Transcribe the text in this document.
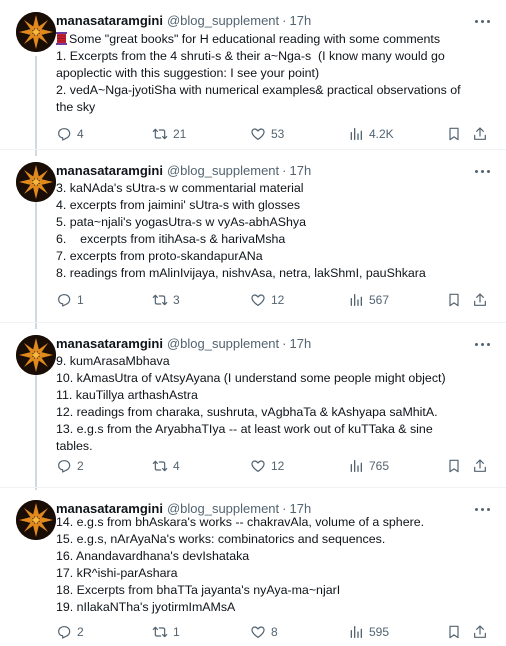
manasataramgini @blog_supplement · 17h
Some "great books" for H educational reading with some comments
1. Excerpts from the 4 shruti-s & their a~Nga-s  (I know many would go
apoplectic with this suggestion: I see your point)
2. vedA~Nga-jyotiSha with numerical examples& practical observations of
the sky
4	21	53	4.2K
manasataramgini @blog_supplement · 17h
3. kaNAda's sUtra-s w commentarial material
4. excerpts from jaimini' sUtra-s with glosses
5. pata~njali's yogasUtra-s w vyAs-abhAShya
6.    excerpts from itihAsa-s & harivaMsha
7. excerpts from proto-skandapurANa
8. readings from mAlinIvijaya, nishvAsa, netra, lakShmI, pauShkara
1	3	12	567
manasataramgini @blog_supplement · 17h
9. kumArasaMbhava
10. kAmasUtra of vAtsyAyana (I understand some people might object)
11. kauTillya arthashAstra
12. readings from charaka, sushruta, vAgbhaTa & kAshyapa saMhitA.
13. e.g.s from the AryabhaTIya -- at least work out of kuTTaka & sine
tables.
2	4	12	765
manasataramgini @blog_supplement · 17h
14. e.g.s from bhAskara's works -- chakravAla, volume of a sphere.
15. e.g.s, nArAyaNa's works: combinatorics and sequences.
16. Anandavardhana's devIshataka
17. kR^ishi-parAshara
18. Excerpts from bhaTTa jayanta's nyAya-ma~njarI
19. nIlakaNTha's jyotirmImAMsA
2	1	8	595
